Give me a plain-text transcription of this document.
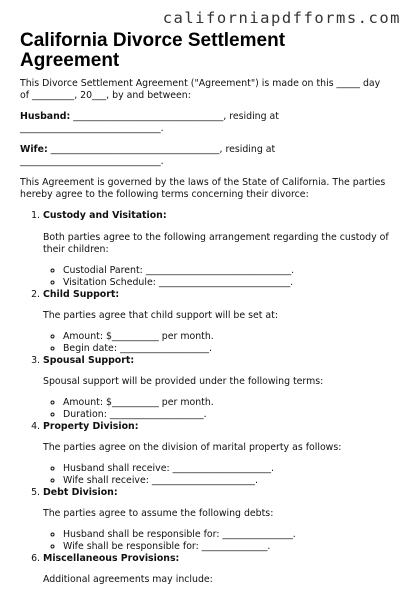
californiapdfforms.com
California Divorce Settlement Agreement

This Divorce Settlement Agreement ("Agreement") is made on this _____ day of _________, 20___, by and between:

Husband: ________________________________, residing at ______________________________.

Wife: ____________________________________, residing at ______________________________.

This Agreement is governed by the laws of the State of California. The parties hereby agree to the following terms concerning their divorce:

1. Custody and Visitation:

Both parties agree to the following arrangement regarding the custody of their children:

◦ Custodial Parent: _______________________________.
◦ Visitation Schedule: ____________________________.
2. Child Support:

The parties agree that child support will be set at:

◦ Amount: $__________ per month.
◦ Begin date: ___________________.
3. Spousal Support:

Spousal support will be provided under the following terms:

◦ Amount: $__________ per month.
◦ Duration: ____________________.
4. Property Division:

The parties agree on the division of marital property as follows:

◦ Husband shall receive: _____________________.
◦ Wife shall receive: ______________________.
5. Debt Division:

The parties agree to assume the following debts:

◦ Husband shall be responsible for: _______________.
◦ Wife shall be responsible for: ______________.
6. Miscellaneous Provisions:

Additional agreements may include:
